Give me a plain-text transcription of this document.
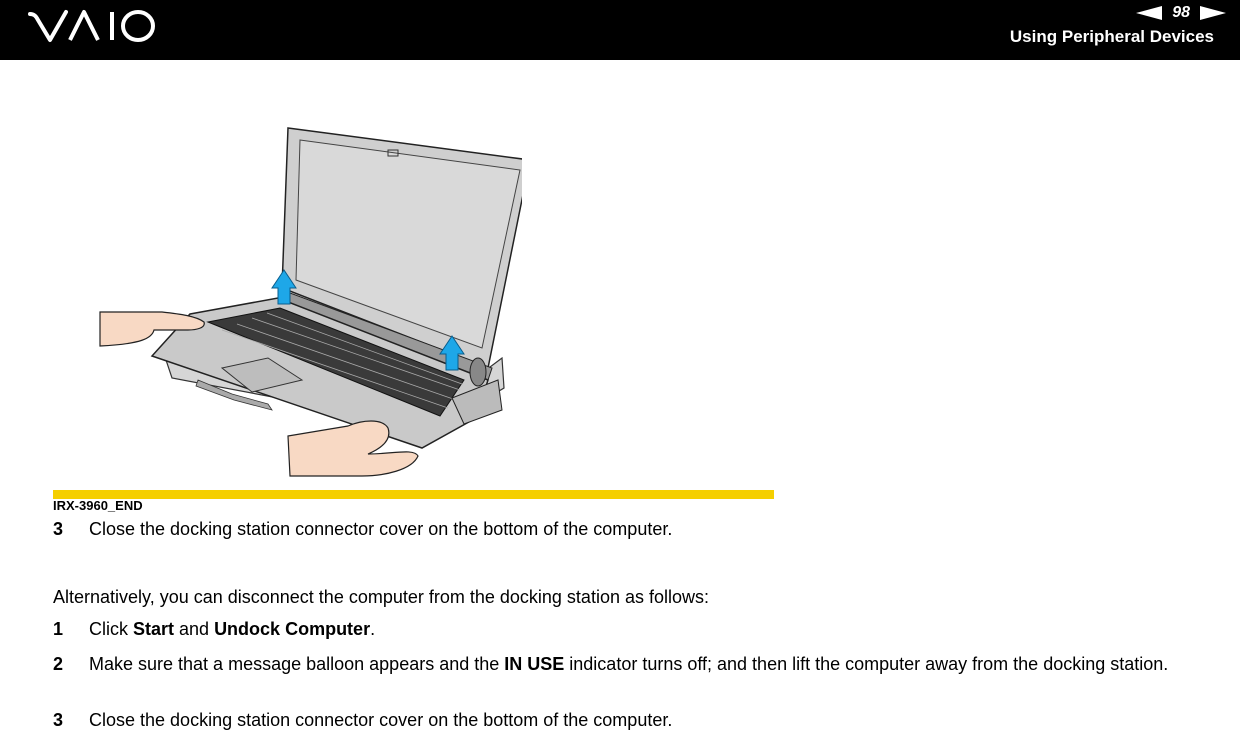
98
Using Peripheral Devices
IRX-3960_END
3 Close the docking station connector cover on the bottom of the computer.
Alternatively, you can disconnect the computer from the docking station as follows:
1 Click Start and Undock Computer.
2 Make sure that a message balloon appears and the IN USE indicator turns off; and then lift the computer away from the docking station.
3 Close the docking station connector cover on the bottom of the computer.
